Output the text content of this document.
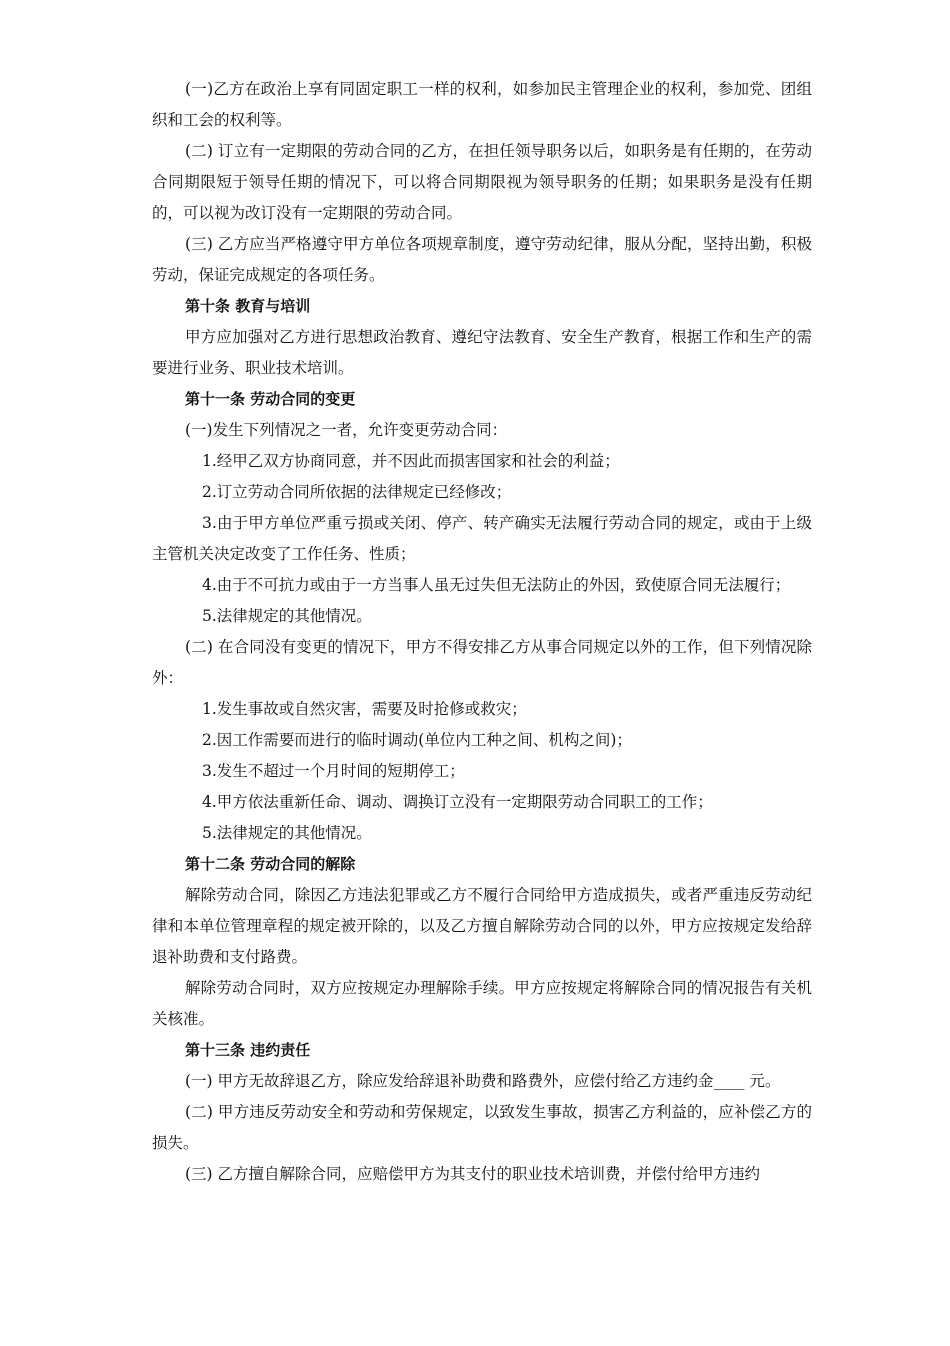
(一)乙方在政治上享有同固定职工一样的权利，如参加民主管理企业的权利，参加党、团组织和工会的权利等。

(二) 订立有一定期限的劳动合同的乙方，在担任领导职务以后，如职务是有任期的，在劳动合同期限短于领导任期的情况下，可以将合同期限视为领导职务的任期；如果职务是没有任期的，可以视为改订没有一定期限的劳动合同。

(三) 乙方应当严格遵守甲方单位各项规章制度，遵守劳动纪律，服从分配，坚持出勤，积极劳动，保证完成规定的各项任务。

第十条 教育与培训

甲方应加强对乙方进行思想政治教育、遵纪守法教育、安全生产教育，根据工作和生产的需要进行业务、职业技术培训。

第十一条 劳动合同的变更

(一)发生下列情况之一者，允许变更劳动合同：

1.经甲乙双方协商同意，并不因此而损害国家和社会的利益；

2.订立劳动合同所依据的法律规定已经修改；

3.由于甲方单位严重亏损或关闭、停产、转产确实无法履行劳动合同的规定，或由于上级主管机关决定改变了工作任务、性质；

4.由于不可抗力或由于一方当事人虽无过失但无法防止的外因，致使原合同无法履行；

5.法律规定的其他情况。

(二) 在合同没有变更的情况下，甲方不得安排乙方从事合同规定以外的工作，但下列情况除外：

1.发生事故或自然灾害，需要及时抢修或救灾；

2.因工作需要而进行的临时调动(单位内工种之间、机构之间)；

3.发生不超过一个月时间的短期停工；

4.甲方依法重新任命、调动、调换订立没有一定期限劳动合同职工的工作；

5.法律规定的其他情况。

第十二条 劳动合同的解除

解除劳动合同，除因乙方违法犯罪或乙方不履行合同给甲方造成损失，或者严重违反劳动纪律和本单位管理章程的规定被开除的，以及乙方擅自解除劳动合同的以外，甲方应按规定发给辞退补助费和支付路费。

解除劳动合同时，双方应按规定办理解除手续。甲方应按规定将解除合同的情况报告有关机关核准。

第十三条 违约责任

(一) 甲方无故辞退乙方，除应发给辞退补助费和路费外，应偿付给乙方违约金____ 元。

(二) 甲方违反劳动安全和劳动和劳保规定，以致发生事故，损害乙方利益的，应补偿乙方的损失。

(三) 乙方擅自解除合同，应赔偿甲方为其支付的职业技术培训费，并偿付给甲方违约
